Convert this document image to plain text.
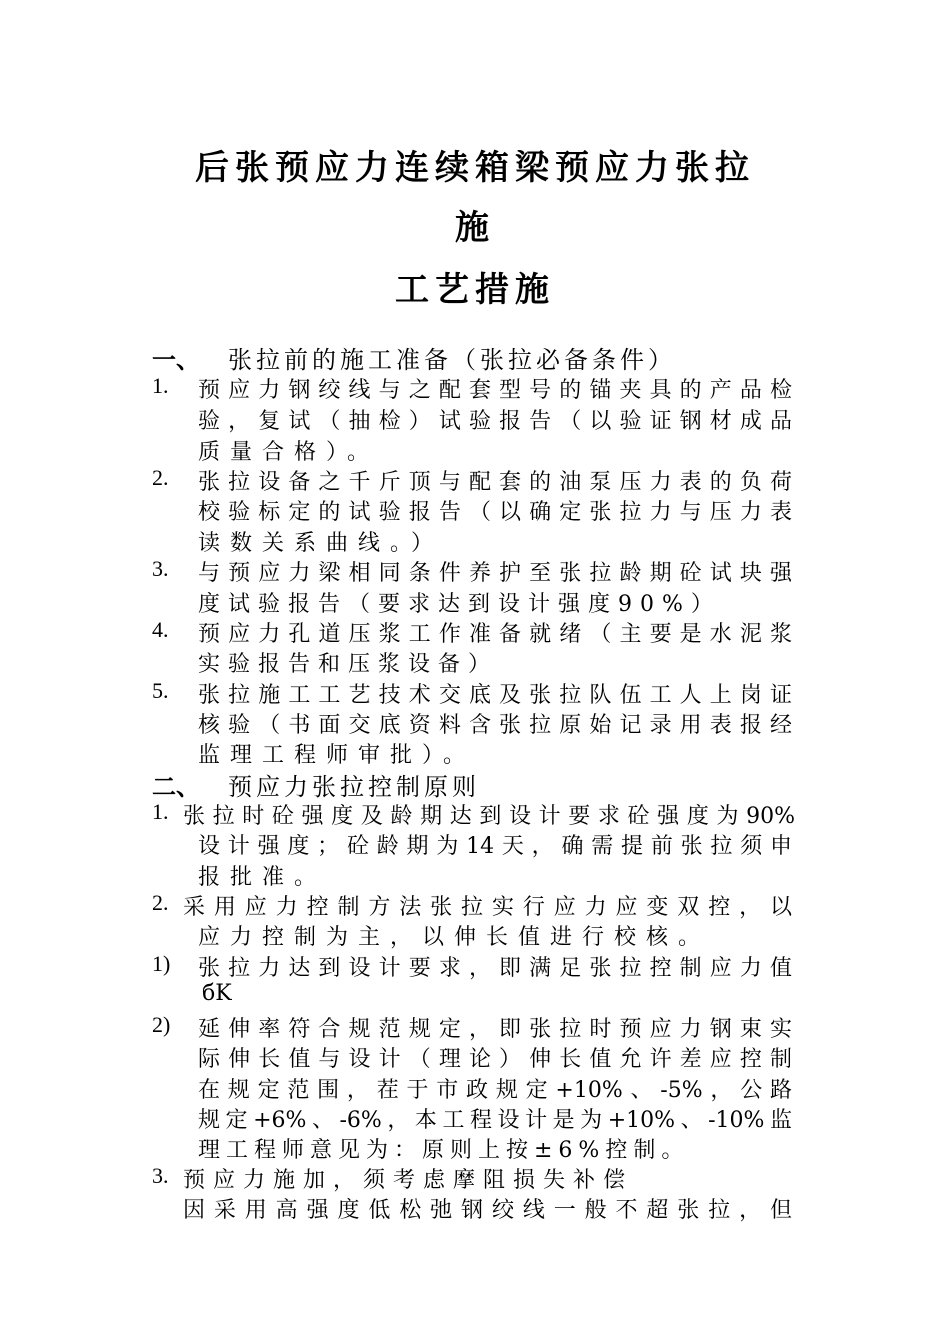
后张预应力连续箱梁预应力张拉
施
工艺措施
一、 张拉前的施工准备（张拉必备条件）
1. 预应力钢绞线与之配套型号的锚夹具的产品检
验，复试（抽检）试验报告（以验证钢材成品
质量合格）。
2. 张拉设备之千斤顶与配套的油泵压力表的负荷
校验标定的试验报告（以确定张拉力与压力表
读数关系曲线。）
3. 与预应力梁相同条件养护至张拉龄期砼试块强
度试验报告（要求达到设计强度90%）
4. 预应力孔道压浆工作准备就绪（主要是水泥浆
实验报告和压浆设备）
5. 张拉施工工艺技术交底及张拉队伍工人上岗证
核验（书面交底资料含张拉原始记录用表报经
监理工程师审批）。
二、 预应力张拉控制原则
1. 张拉时砼强度及龄期达到设计要求砼强度为90%
设计强度；砼龄期为14天，确需提前张拉须申
报批准。
2. 采用应力控制方法张拉实行应力应变双控，以
应力控制为主，以伸长值进行校核。
1) 张拉力达到设计要求，即满足张拉控制应力值
бK
2) 延伸率符合规范规定，即张拉时预应力钢束实
际伸长值与设计（理论）伸长值允许差应控制
在规定范围，茬于市政规定+10%、-5%，公路
规定+6%、-6%，本工程设计是为+10%、-10%监
理工程师意见为：原则上按±6%控制。
3. 预应力施加，须考虑摩阻损失补偿
因采用高强度低松弛钢绞线一般不超张拉，但
